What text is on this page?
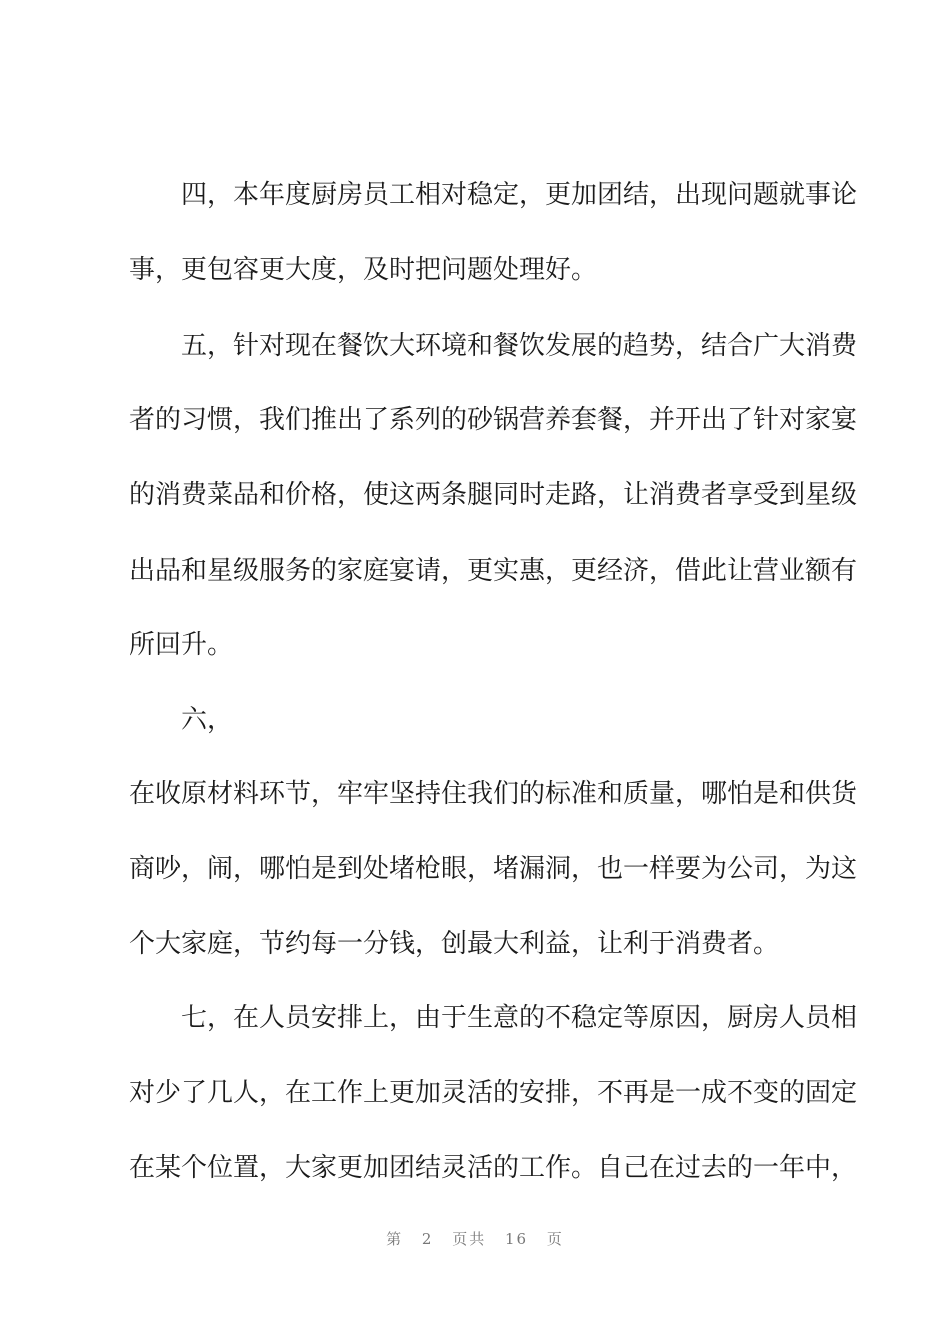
四，本年度厨房员工相对稳定，更加团结，出现问题就事论
事，更包容更大度，及时把问题处理好。
五，针对现在餐饮大环境和餐饮发展的趋势，结合广大消费
者的习惯，我们推出了系列的砂锅营养套餐，并开出了针对家宴
的消费菜品和价格，使这两条腿同时走路，让消费者享受到星级
出品和星级服务的家庭宴请，更实惠，更经济，借此让营业额有
所回升。
六，
在收原材料环节，牢牢坚持住我们的标准和质量，哪怕是和供货
商吵，闹，哪怕是到处堵枪眼，堵漏洞，也一样要为公司，为这
个大家庭，节约每一分钱，创最大利益，让利于消费者。
七，在人员安排上，由于生意的不稳定等原因，厨房人员相
对少了几人，在工作上更加灵活的安排，不再是一成不变的固定
在某个位置，大家更加团结灵活的工作。自己在过去的一年中，
第 2 页共 16 页
